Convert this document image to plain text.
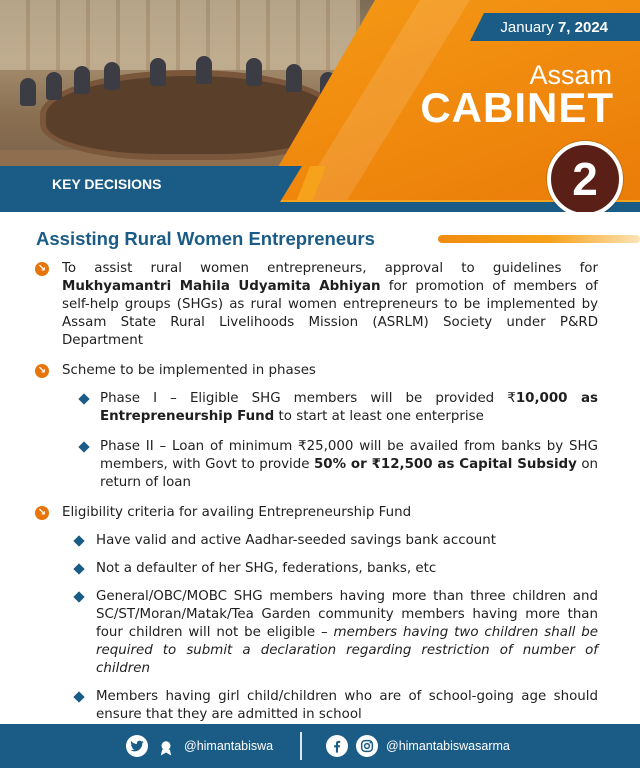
January 7, 2024
Assam
CABINET
KEY DECISIONS	2
Assisting Rural Women Entrepreneurs
↘ To assist rural women entrepreneurs, approval to guidelines for Mukhyamantri Mahila Udyamita Abhiyan for promotion of members of self-help groups (SHGs) as rural women entrepreneurs to be implemented by Assam State Rural Livelihoods Mission (ASRLM) Society under P&RD Department

↘ Scheme to be implemented in phases

Phase I – Eligible SHG members will be provided ₹10,000 as Entrepreneurship Fund to start at least one enterprise

Phase II – Loan of minimum ₹25,000 will be availed from banks by SHG members, with Govt to provide 50% or ₹12,500 as Capital Subsidy on return of loan

↘ Eligibility criteria for availing Entrepreneurship Fund

Have valid and active Aadhar-seeded savings bank account

Not a defaulter of her SHG, federations, banks, etc

General/OBC/MOBC SHG members having more than three children and SC/ST/Moran/Matak/Tea Garden community members having more than four children will not be eligible – members having two children shall be required to submit a declaration regarding restriction of number of children

Members having girl child/children who are of school-going age should ensure that they are admitted in school

@himantabiswa	@himantabiswasarma
